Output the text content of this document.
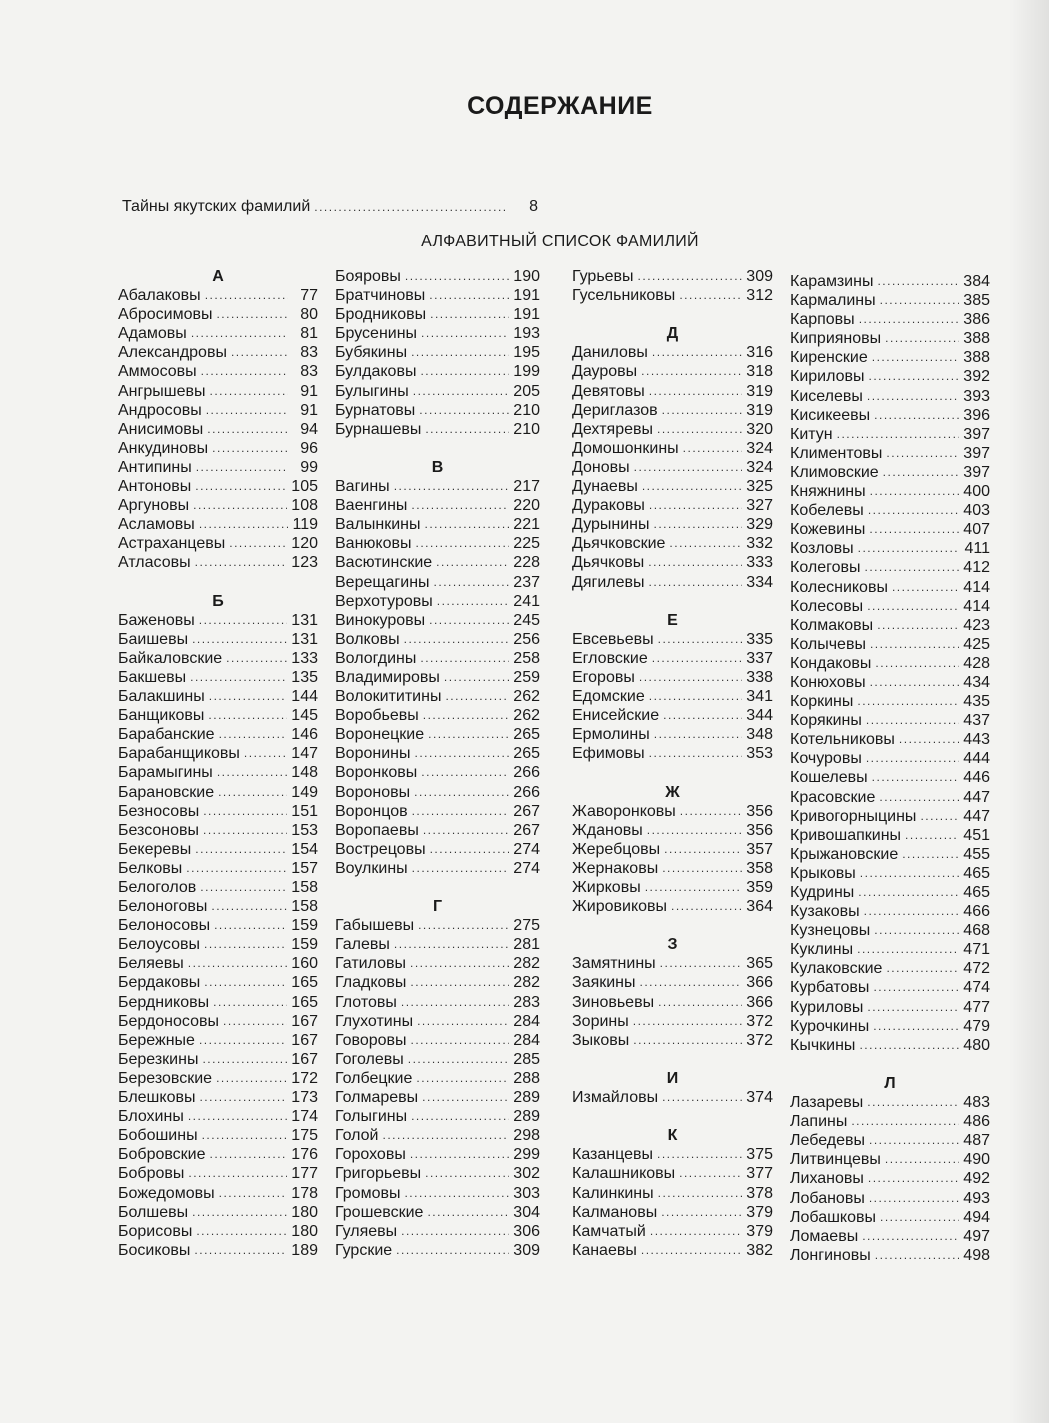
СОДЕРЖАНИЕ
Тайны якутских фамилий .....	8
АЛФАВИТНЫЙ СПИСОК ФАМИЛИЙ
А
Абалаковы .....	77
Абросимовы .....	80
Адамовы .....	81
Александровы .....	83
Аммосовы .....	83
Ангрышевы .....	91
Андросовы .....	91
Анисимовы .....	94
Анкудиновы .....	96
Антипины .....	99
Антоновы .....	105
Аргуновы .....	108
Асламовы .....	119
Астраханцевы .....	120
Атласовы .....	123
Б
Баженовы .....	131
Баишевы .....	131
Байкаловские .....	133
Бакшевы .....	135
Балакшины .....	144
Банщиковы .....	145
Барабанские .....	146
Барабанщиковы .....	147
Барамыгины .....	148
Барановские .....	149
Безносовы .....	151
Безсоновы .....	153
Бекеревы .....	154
Белковы .....	157
Белоголов .....	158
Белоноговы .....	158
Белоносовы .....	159
Белоусовы .....	159
Беляевы .....	160
Бердаковы .....	165
Бердниковы .....	165
Бердоносовы .....	167
Бережные .....	167
Березкины .....	167
Березовские .....	172
Блешковы .....	173
Блохины .....	174
Бобошины .....	175
Бобровские .....	176
Бобровы .....	177
Божедомовы .....	178
Болшевы .....	180
Борисовы .....	180
Босиковы .....	189
Бояровы .....	190
Братчиновы .....	191
Бродниковы .....	191
Брусенины .....	193
Бубякины .....	195
Булдаковы .....	199
Булыгины .....	205
Бурнатовы .....	210
Бурнашевы .....	210
В
Вагины .....	217
Ваенгины .....	220
Валынкины .....	221
Ванюковы .....	225
Васютинские .....	228
Верещагины .....	237
Верхотуровы .....	241
Винокуровы .....	245
Волковы .....	256
Вологдины .....	258
Владимировы .....	259
Волокититины .....	262
Воробьевы .....	262
Воронецкие .....	265
Воронины .....	265
Воронковы .....	266
Вороновы .....	266
Воронцов .....	267
Воропаевы .....	267
Вострецовы .....	274
Воулкины .....	274
Г
Габышевы .....	275
Галевы .....	281
Гатиловы .....	282
Гладковы .....	282
Глотовы .....	283
Глухотины .....	284
Говоровы .....	284
Гоголевы .....	285
Голбецкие .....	288
Голмаревы .....	289
Голыгины .....	289
Голой .....	298
Гороховы .....	299
Григорьевы .....	302
Громовы .....	303
Грошевские .....	304
Гуляевы .....	306
Гурские .....	309
Гурьевы .....	309
Гусельниковы .....	312
Д
Даниловы .....	316
Дауровы .....	318
Девятовы .....	319
Дериглазов .....	319
Дехтяревы .....	320
Домошонкины .....	324
Доновы .....	324
Дунаевы .....	325
Дураковы .....	327
Дурынины .....	329
Дьячковские .....	332
Дьячковы .....	333
Дягилевы .....	334
Е
Евсевьевы .....	335
Егловские .....	337
Егоровы .....	338
Едомские .....	341
Енисейские .....	344
Ермолины .....	348
Ефимовы .....	353
Ж
Жаворонковы .....	356
Ждановы .....	356
Жеребцовы .....	357
Жернаковы .....	358
Жирковы .....	359
Жировиковы .....	364
З
Замятнины .....	365
Заякины .....	366
Зиновьевы .....	366
Зорины .....	372
Зыковы .....	372
И
Измайловы .....	374
К
Казанцевы .....	375
Калашниковы .....	377
Калинкины .....	378
Калмановы .....	379
Камчатый .....	379
Канаевы .....	382
Карамзины .....	384
Кармалины .....	385
Карповы .....	386
Киприяновы .....	388
Киренские .....	388
Кириловы .....	392
Киселевы .....	393
Кисикеевы .....	396
Китун .....	397
Климентовы .....	397
Климовские .....	397
Княжнины .....	400
Кобелевы .....	403
Кожевины .....	407
Козловы .....	411
Колеговы .....	412
Колесниковы .....	414
Колесовы .....	414
Колмаковы .....	423
Колычевы .....	425
Кондаковы .....	428
Конюховы .....	434
Коркины .....	435
Корякины .....	437
Котельниковы .....	443
Кочуровы .....	444
Кошелевы .....	446
Красовские .....	447
Кривогорныцины .....	447
Кривошапкины .....	451
Крыжановские .....	455
Крыковы .....	465
Кудрины .....	465
Кузаковы .....	466
Кузнецовы .....	468
Куклины .....	471
Кулаковские .....	472
Курбатовы .....	474
Куриловы .....	477
Курочкины .....	479
Кычкины .....	480
Л
Лазаревы .....	483
Лапины .....	486
Лебедевы .....	487
Литвинцевы .....	490
Лихановы .....	492
Лобановы .....	493
Лобашковы .....	494
Ломаевы .....	497
Лонгиновы .....	498
